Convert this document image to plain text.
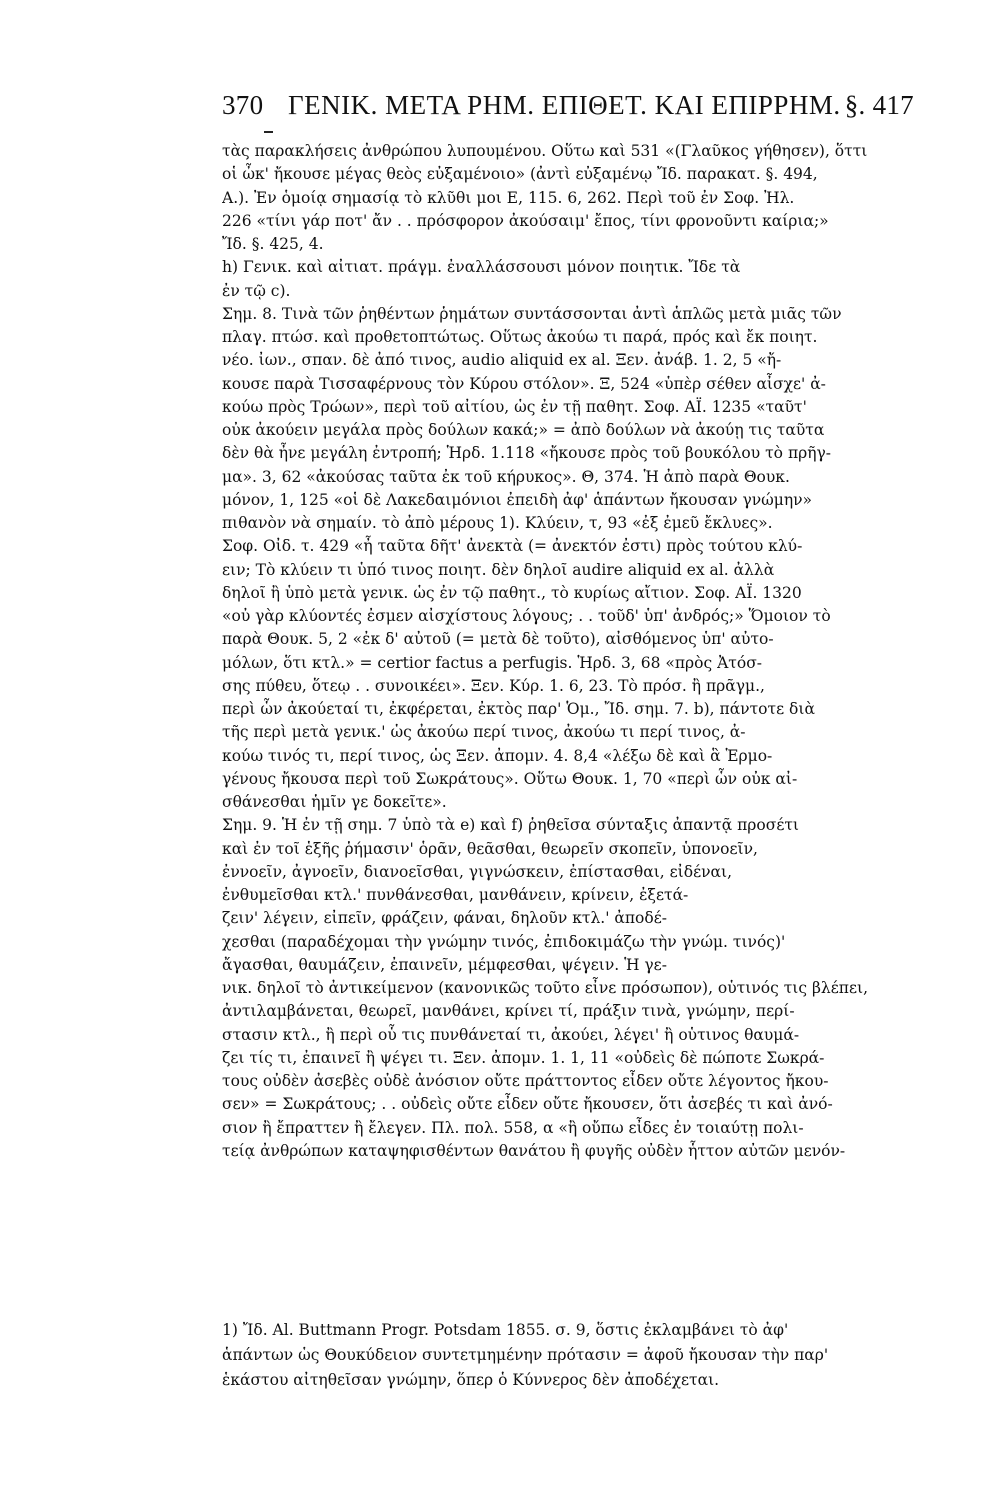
370 ΓΕΝΙΚ. ΜΕΤΑ ΡΗΜ. ΕΠΙΘΕΤ. ΚΑΙ ΕΠΙΡΡΗΜ. §. 417
τὰς παρακλήσεις ἀνθρώπου λυπουμένου. Οὕτω καὶ 531 «(Γλαῦκος γήθησεν), ὅττι
οἱ ὦκ' ἤκουσε μέγας θεὸς εὐξαμένοιο» (ἀντὶ εὐξαμένῳ Ἴδ. παρακατ. §. 494,
Α.). Ἐν ὁμοίᾳ σημασίᾳ τὸ κλῦθι μοι Ε, 115. 6, 262. Περὶ τοῦ ἐν Σοφ. Ἠλ.
226 «τίνι γάρ ποτ' ἄν . . πρόσφορον ἀκούσαιμ' ἔπος, τίνι φρονοῦντι καίρια;»
Ἴδ. §. 425, 4.
h) Γενικ. καὶ αἰτιατ. πράγμ. ἐναλλάσσουσι μόνον ποιητικ. Ἴδε τὰ
ἐν τῷ c).
Σημ. 8. Τινὰ τῶν ῥηθέντων ῥημάτων συντάσσονται ἀντὶ ἁπλῶς μετὰ μιᾶς τῶν
πλαγ. πτώσ. καὶ προθετοπτώτως. Οὕτως ἀκούω τι παρά, πρός καὶ ἔκ ποιητ.
νέο. ἰων., σπαν. δὲ ἀπό τινος, audio aliquid ex al. Ξεν. ἀνάβ. 1. 2, 5 «ἤ-
κουσε παρὰ Τισσαφέρνους τὸν Κύρου στόλον». Ξ, 524 «ὑπὲρ σέθεν αἶσχε' ἀ-
κούω πρὸς Τρώων», περὶ τοῦ αἰτίου, ὡς ἐν τῇ παθητ. Σοφ. ΑΪ. 1235 «ταῦτ'
οὐκ ἀκούειν μεγάλα πρὸς δούλων κακά;» = ἀπὸ δούλων νὰ ἀκούῃ τις ταῦτα
δὲν θὰ ἦνε μεγάλη ἐντροπή; Ἡρδ. 1.118 «ἤκουσε πρὸς τοῦ βουκόλου τὸ πρῆγ-
μα». 3, 62 «ἀκούσας ταῦτα ἐκ τοῦ κήρυκος». Θ, 374. Ἡ ἀπὸ παρὰ Θουκ.
μόνον, 1, 125 «οἱ δὲ Λακεδαιμόνιοι ἐπειδὴ ἀφ' ἁπάντων ἤκουσαν γνώμην»
πιθανὸν νὰ σημαίν. τὸ ἀπὸ μέρους 1). Κλύειν, τ, 93 «ἐξ ἐμεῦ ἔκλυες».
Σοφ. Οἰδ. τ. 429 «ἦ ταῦτα δῆτ' ἀνεκτὰ (= ἀνεκτόν ἐστι) πρὸς τούτου κλύ-
ειν; Τὸ κλύειν τι ὑπό τινος ποιητ. δὲν δηλοῖ audire aliquid ex al. ἀλλὰ
δηλοῖ ἢ ὑπὸ μετὰ γενικ. ὡς ἐν τῷ παθητ., τὸ κυρίως αἴτιον. Σοφ. ΑΪ. 1320
«οὐ γὰρ κλύοντές ἐσμεν αἰσχίστους λόγους; . . τοῦδ' ὑπ' ἀνδρός;» Ὅμοιον τὸ
παρὰ Θουκ. 5, 2 «ἐκ δ' αὐτοῦ (= μετὰ δὲ τοῦτο), αἰσθόμενος ὑπ' αὐτο-
μόλων, ὅτι κτλ.» = certior factus a perfugis. Ἡρδ. 3, 68 «πρὸς Ἀτόσ-
σης πύθευ, ὅτεῳ . . συνοικέει». Ξεν. Κύρ. 1. 6, 23. Τὸ πρόσ. ἢ πρᾶγμ.,
περὶ ὧν ἀκούεταί τι, ἐκφέρεται, ἐκτὸς παρ' Ὁμ., Ἴδ. σημ. 7. b), πάντοτε διὰ
τῆς περὶ μετὰ γενικ.' ὡς ἀκούω περί τινος, ἀκούω τι περί τινος, ἀ-
κούω τινός τι, περί τινος, ὡς Ξεν. ἀπομν. 4. 8,4 «λέξω δὲ καὶ ἃ Ἑρμο-
γένους ἤκουσα περὶ τοῦ Σωκράτους». Οὕτω Θουκ. 1, 70 «περὶ ὧν οὐκ αἰ-
σθάνεσθαι ἡμῖν γε δοκεῖτε».
Σημ. 9. Ἡ ἐν τῇ σημ. 7 ὑπὸ τὰ e) καὶ f) ῥηθεῖσα σύνταξις ἀπαντᾷ προσέτι
καὶ ἐν τοῖ ἑξῆς ῥήμασιν' ὁρᾶν, θεᾶσθαι, θεωρεῖν σκοπεῖν, ὑπονοεῖν,
ἐννοεῖν, ἀγνοεῖν, διανοεῖσθαι, γιγνώσκειν, ἐπίστασθαι, εἰδέναι,
ἐνθυμεῖσθαι κτλ.' πυνθάνεσθαι, μανθάνειν, κρίνειν, ἐξετά-
ζειν' λέγειν, εἰπεῖν, φράζειν, φάναι, δηλοῦν κτλ.' ἀποδέ-
χεσθαι (παραδέχομαι τὴν γνώμην τινός, ἐπιδοκιμάζω τὴν γνώμ. τινός)'
ἄγασθαι, θαυμάζειν, ἐπαινεῖν, μέμφεσθαι, ψέγειν. Ἡ γε-
νικ. δηλοῖ τὸ ἀντικείμενον (κανονικῶς τοῦτο εἶνε πρόσωπον), οὑτινός τις βλέπει,
ἀντιλαμβάνεται, θεωρεῖ, μανθάνει, κρίνει τί, πράξιν τινὰ, γνώμην, περί-
στασιν κτλ., ἢ περὶ οὗ τις πυνθάνεταί τι, ἀκούει, λέγει' ἢ οὑτινος θαυμά-
ζει τίς τι, ἐπαινεῖ ἢ ψέγει τι. Ξεν. ἀπομν. 1. 1, 11 «οὐδεὶς δὲ πώποτε Σωκρά-
τους οὐδὲν ἀσεβὲς οὐδὲ ἀνόσιον οὔτε πράττοντος εἶδεν οὔτε λέγοντος ἤκου-
σεν» = Σωκράτους; . . οὐδεὶς οὔτε εἶδεν οὔτε ἤκουσεν, ὅτι ἀσεβές τι καὶ ἀνό-
σιον ἢ ἔπραττεν ἢ ἔλεγεν. Πλ. πολ. 558, α «ἢ οὔπω εἶδες ἐν τοιαύτῃ πολι-
τείᾳ ἀνθρώπων καταψηφισθέντων θανάτου ἢ φυγῆς οὐδὲν ἧττον αὐτῶν μενόν-
1) Ἴδ. Al. Buttmann Progr. Potsdam 1855. σ. 9, ὅστις ἐκλαμβάνει τὸ ἀφ'
ἁπάντων ὡς Θουκύδειον συντετμημένην πρότασιν = ἀφοῦ ἤκουσαν τὴν παρ'
ἑκάστου αἰτηθεῖσαν γνώμην, ὅπερ ὁ Κύννερος δὲν ἀποδέχεται.
